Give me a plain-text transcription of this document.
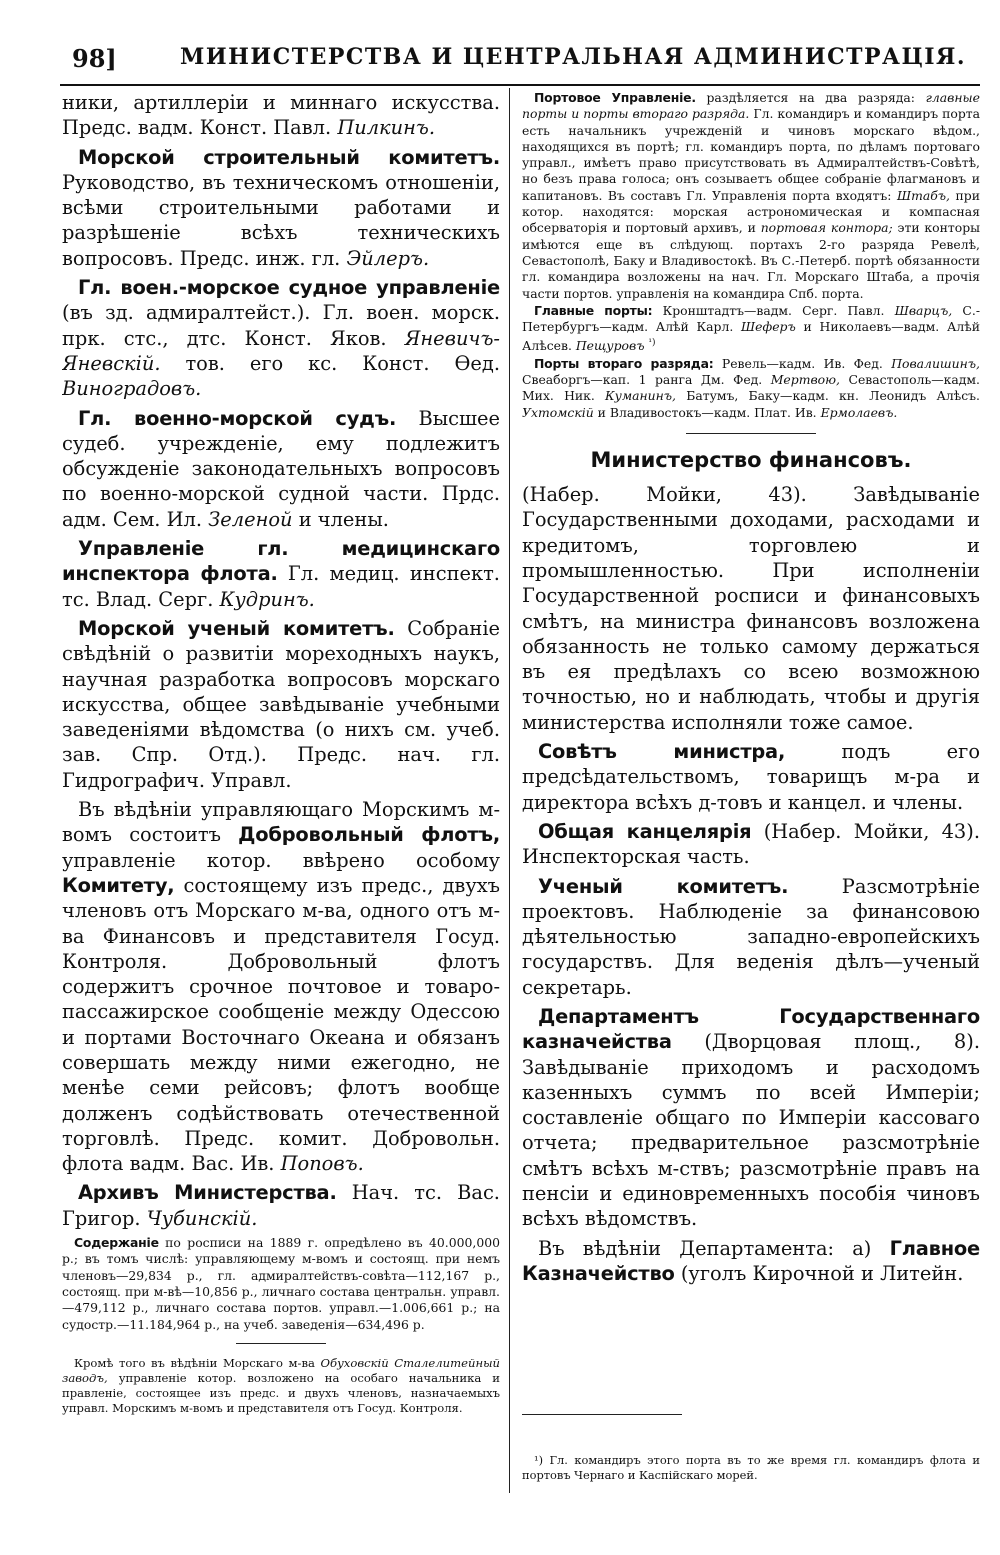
98]	МИНИСТЕРСТВА И ЦЕНТРАЛЬНАЯ АДМИНИСТРАЦІЯ.

ники, артиллеріи и миннаго искусства. Предс. вадм. Конст. Павл. Пилкинъ.

Морской строительный комитетъ. Руководство, въ техническомъ отношеніи, всѣми строительными работами и разрѣшеніе всѣхъ техническихъ вопросовъ. Предс. инж. гл. Эйлеръ.

Гл. воен.-морское судное управленіе (въ зд. адмиралтейст.). Гл. воен. морск. прк. стс., дтс. Конст. Яков. Яневичъ-Яневскій. тов. его кс. Конст. Ѳед. Виноградовъ.

Гл. военно-морской судъ. Высшее судеб. учрежденіе, ему подлежитъ обсужденіе законодательныхъ вопросовъ по военно-морской судной части. Прдс. адм. Сем. Ил. Зеленой и члены.

Управленіе гл. медицинскаго инспектора флота. Гл. медиц. инспект. тс. Влад. Серг. Кудринъ.

Морской ученый комитетъ. Собраніе свѣдѣній о развитіи мореходныхъ наукъ, научная разработка вопросовъ морскаго искусства, общее завѣдываніе учебными заведеніями вѣдомства (о нихъ см. учеб. зав. Спр. Отд.). Предс. нач. гл. Гидрографич. Управл.

Въ вѣдѣніи управляющаго Морскимъ м-вомъ состоитъ Добровольный флотъ, управленіе котор. ввѣрено особому Комитету, состоящему изъ предс., двухъ членовъ отъ Морскаго м-ва, одного отъ м-ва Финансовъ и представителя Госуд. Контроля. Добровольный флотъ содержитъ срочное почтовое и товаро-пассажирское сообщеніе между Одессою и портами Восточнаго Океана и обязанъ совершать между ними ежегодно, не менѣе семи рейсовъ; флотъ вообще долженъ содѣйствовать отечественной торговлѣ. Предс. комит. Добровольн. флота вадм. Вас. Ив. Поповъ.

Архивъ Министерства. Нач. тс. Вас. Григор. Чубинскій.

Содержаніе по росписи на 1889 г. опредѣлено въ 40.000,000 р.; въ томъ числѣ: управляющему м-вомъ и состоящ. при немъ членовъ—29,834 р., гл. адмиралтействъ-совѣта—112,167 р., состоящ. при м-вѣ—10,856 р., личнаго состава центральн. управл.—479,112 р., личнаго состава портов. управл.—1.006,661 р.; на судостр.—11.184,964 р., на учеб. заведенія—634,496 р.

Кромѣ того въ вѣдѣніи Морскаго м-ва Обуховскій Сталелитейный заводъ, управленіе котор. возложено на особаго начальника и правленіе, состоящее изъ предс. и двухъ членовъ, назначаемыхъ управл. Морскимъ м-вомъ и представителя отъ Госуд. Контроля.

Портовое Управленіе. раздѣляется на два разряда: главные порты и порты втораго разряда. Гл. командиръ и командиръ порта есть начальникъ учрежденій и чиновъ морскаго вѣдом., находящихся въ портѣ; гл. командиръ порта, по дѣламъ портоваго управл., имѣетъ право присутствовать въ Адмиралтействъ-Совѣтѣ, но безъ права голоса; онъ созываетъ общее собраніе флагмановъ и капитановъ. Въ составъ Гл. Управленія порта входятъ: Штабъ, при котор. находятся: морская астрономическая и компасная обсерваторія и портовый архивъ, и портовая контора; эти конторы имѣются еще въ слѣдующ. портахъ 2-го разряда Ревелѣ, Севастополѣ, Баку и Владивостокѣ. Въ С.-Петерб. портѣ обязанности гл. командира возложены на нач. Гл. Морскаго Штаба, а прочія части портов. управленія на командира Спб. порта.

Главные порты: Кронштадтъ—вадм. Серг. Павл. Шварцъ, С.-Петербургъ—кадм. Алѣй Карл. Шеферъ и Николаевъ—вадм. Алѣй Алѣсев. Пещуровъ $^{^1)}$

Порты втораго разряда: Ревель—кадм. Ив. Фед. Повалишинъ, Свеаборгъ—кап. 1 ранга Дм. Фед. Мертвою, Севастополь—кадм. Мих. Ник. Куманинъ, Батумъ, Баку—кадм. кн. Леонидъ Алѣсъ. Ухтомскій и Владивостокъ—кадм. Плат. Ив. Ермолаевъ.

Министерство финансовъ.

(Набер. Мойки, 43). Завѣдываніе Государственными доходами, расходами и кредитомъ, торговлею и промышленностью. При исполненіи Государственной росписи и финансовыхъ смѣтъ, на министра финансовъ возложена обязанность не только самому держаться въ ея предѣлахъ со всею возможною точностью, но и наблюдать, чтобы и другія министерства исполняли тоже самое.

Совѣтъ министра,	подъ его предсѣдательствомъ, товарищъ м-ра и директора всѣхъ д-товъ и канцел. и члены.

Общая канцелярія (Набер. Мойки, 43). Инспекторская часть.

Ученый комитетъ.	Разсмотрѣніе проектовъ. Наблюденіе за финансовою дѣятельностью западно-европейскихъ государствъ. Для веденія дѣлъ—ученый секретарь.

Департаментъ Государственнаго казначейства (Дворцовая площ., 8). Завѣдываніе приходомъ и расходомъ казенныхъ суммъ по всей Имперіи; составленіе общаго по Имперіи кассоваго отчета; предварительное разсмотрѣніе смѣтъ всѣхъ м-ствъ; разсмотрѣніе правъ на пенсіи и единовременныхъ пособія чиновъ всѣхъ вѣдомствъ.

Въ вѣдѣніи Департамента: а) Главное Казначейство (уголъ Кирочной и Литейн.

¹) Гл. командиръ этого порта въ то же время гл. командиръ флота и портовъ Чернаго и Каспійскаго морей.
